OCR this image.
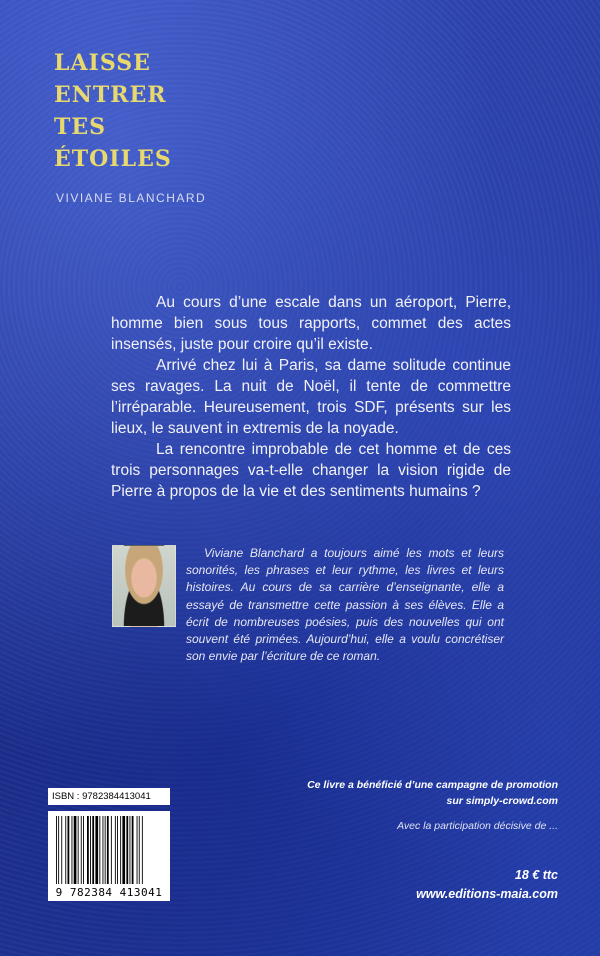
laisse
entrer
tes
étoiles
VIVIANE BLANCHARD

Au cours d’une escale dans un aéroport, Pierre, homme bien sous tous rapports, commet des actes insensés, juste pour croire qu’il existe.

Arrivé chez lui à Paris, sa dame solitude continue ses ravages. La nuit de Noël, il tente de commettre l’irréparable. Heureusement, trois SDF, présents sur les lieux, le sauvent in extremis de la noyade.

La rencontre improbable de cet homme et de ces trois personnages va-t-elle changer la vision rigide de Pierre à propos de la vie et des sentiments humains ?

Viviane Blanchard a toujours aimé les mots et leurs sonorités, les phrases et leur rythme, les livres et leurs histoires. Au cours de sa carrière d’enseignante, elle a essayé de transmettre cette passion à ses élèves. Elle a écrit de nombreuses poésies, puis des nouvelles qui ont souvent été primées. Aujourd’hui, elle a voulu concrétiser son envie par l’écriture de ce roman.

ISBN : 9782384413041
9 782384 413041
Ce livre a bénéficié d’une campagne de promotion
sur simply-crowd.com
Avec la participation décisive de ...
18 € ttc
www.editions-maia.com
